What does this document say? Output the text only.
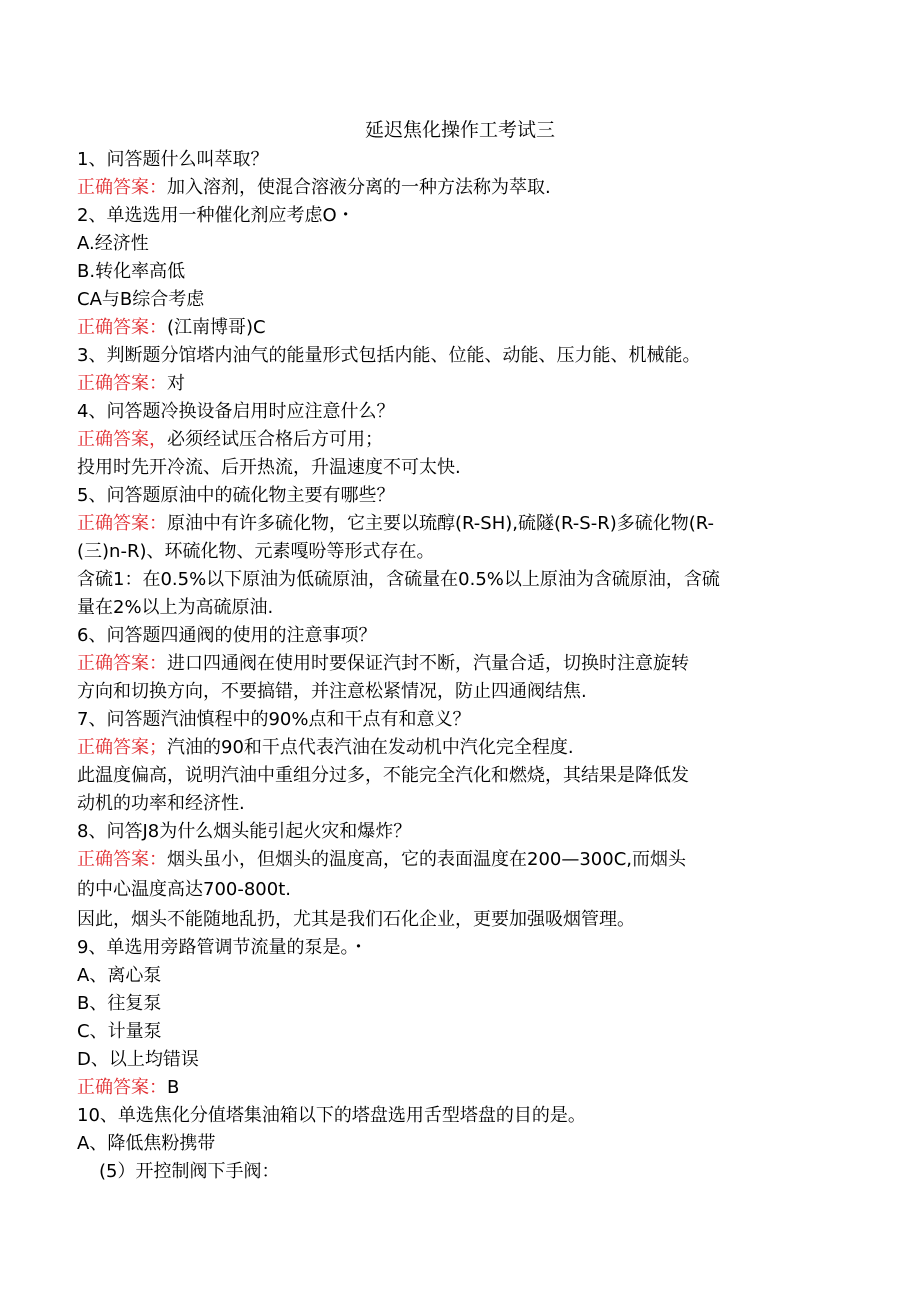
延迟焦化操作工考试三
1、问答题什么叫萃取？
正确答案：加入溶剂，使混合溶液分离的一种方法称为萃取.
2、单选选用一种催化剂应考虑O・
A.经济性
B.转化率高低
CA与B综合考虑
正确答案：(江南博哥)C
3、判断题分馆塔内油气的能量形式包括内能、位能、动能、压力能、机械能。
正确答案：对
4、问答题冷换设备启用时应注意什么？
正确答案，必须经试压合格后方可用；
投用时先开冷流、后开热流，升温速度不可太快.
5、问答题原油中的硫化物主要有哪些？
正确答案：原油中有许多硫化物，它主要以琉醇(R-SH),硫隧(R-S-R)多硫化物(R-
(三)n-R)、环硫化物、元素嘎吩等形式存在。
含硫1：在0.5%以下原油为低硫原油，含硫量在0.5%以上原油为含硫原油，含硫
量在2%以上为高硫原油.
6、问答题四通阀的使用的注意事项？
正确答案：进口四通阀在使用时要保证汽封不断，汽量合适，切换时注意旋转
方向和切换方向，不要搞错，并注意松紧情况，防止四通阀结焦.
7、问答题汽油慎程中的90%点和干点有和意义？
正确答案；汽油的90和干点代表汽油在发动机中汽化完全程度.
此温度偏高，说明汽油中重组分过多，不能完全汽化和燃烧，其结果是降低发
动机的功率和经济性.
8、问答J8为什么烟头能引起火灾和爆炸？
正确答案：烟头虽小，但烟头的温度高，它的表面温度在200—300C,而烟头
的中心温度高达700-800t.
因此，烟头不能随地乱扔，尤其是我们石化企业，更要加强吸烟管理。
9、单选用旁路管调节流量的泵是。・
A、离心泵
B、往复泵
C、计量泵
D、以上均错误
正确答案：B
10、单选焦化分值塔集油箱以下的塔盘选用舌型塔盘的目的是。
A、降低焦粉携带
(5）开控制阀下手阀：
